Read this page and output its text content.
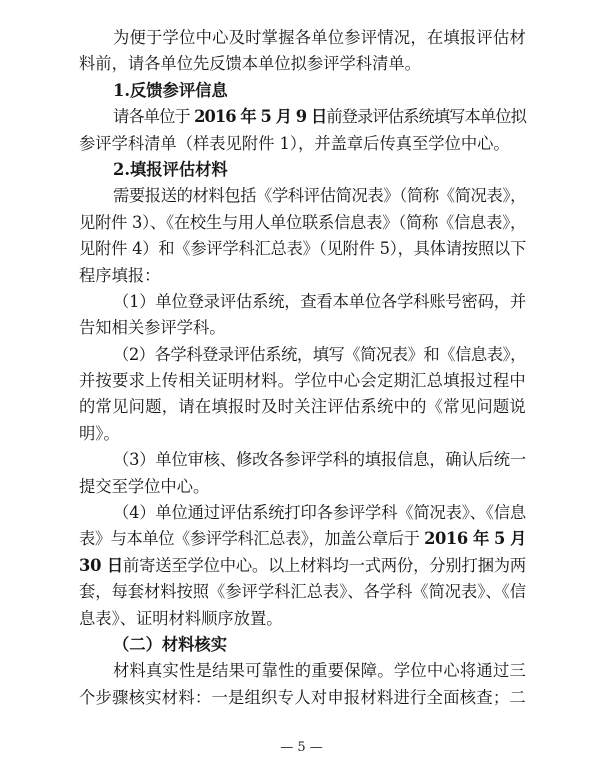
为便于学位中心及时掌握各单位参评情况，在填报评估材
料前，请各单位先反馈本单位拟参评学科清单。
1.反馈参评信息
请各单位于 2016 年 5 月 9 日前登录评估系统填写本单位拟
参评学科清单（样表见附件 1），并盖章后传真至学位中心。
2.填报评估材料
需要报送的材料包括《学科评估简况表》（简称《简况表》，
见附件 3）、《在校生与用人单位联系信息表》（简称《信息表》，
见附件 4）和《参评学科汇总表》（见附件 5），具体请按照以下
程序填报：
（1）单位登录评估系统，查看本单位各学科账号密码，并
告知相关参评学科。
（2）各学科登录评估系统，填写《简况表》和《信息表》，
并按要求上传相关证明材料。学位中心会定期汇总填报过程中
的常见问题，请在填报时及时关注评估系统中的《常见问题说
明》。
（3）单位审核、修改各参评学科的填报信息，确认后统一
提交至学位中心。
（4）单位通过评估系统打印各参评学科《简况表》、《信息
表》与本单位《参评学科汇总表》，加盖公章后于 2016 年 5 月
30 日前寄送至学位中心。以上材料均一式两份，分别打捆为两
套，每套材料按照《参评学科汇总表》、各学科《简况表》、《信
息表》、证明材料顺序放置。
（二）材料核实
材料真实性是结果可靠性的重要保障。学位中心将通过三
个步骤核实材料：一是组织专人对申报材料进行全面核查；二
— 5 —
